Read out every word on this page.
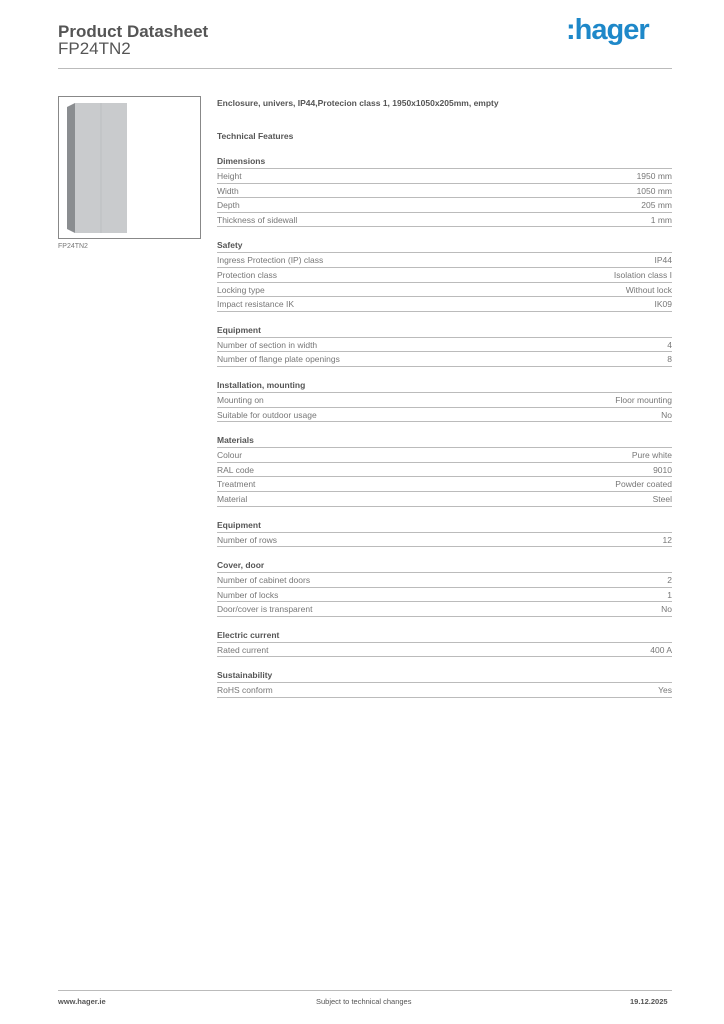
Product Datasheet
FP24TN2
:hager
FP24TN2
Enclosure, univers, IP44,Protecion class 1, 1950x1050x205mm, empty
Technical Features
Dimensions
Height	1950 mm
Width	1050 mm
Depth	205 mm
Thickness of sidewall	1 mm
Safety
Ingress Protection (IP) class	IP44
Protection class	Isolation class I
Locking type	Without lock
Impact resistance IK	IK09
Equipment
Number of section in width	4
Number of flange plate openings	8
Installation, mounting
Mounting on	Floor mounting
Suitable for outdoor usage	No
Materials
Colour	Pure white
RAL code	9010
Treatment	Powder coated
Material	Steel
Equipment
Number of rows	12
Cover, door
Number of cabinet doors	2
Number of locks	1
Door/cover is transparent	No
Electric current
Rated current	400 A
Sustainability
RoHS conform	Yes
www.hager.ie	Subject to technical changes	19.12.2025
